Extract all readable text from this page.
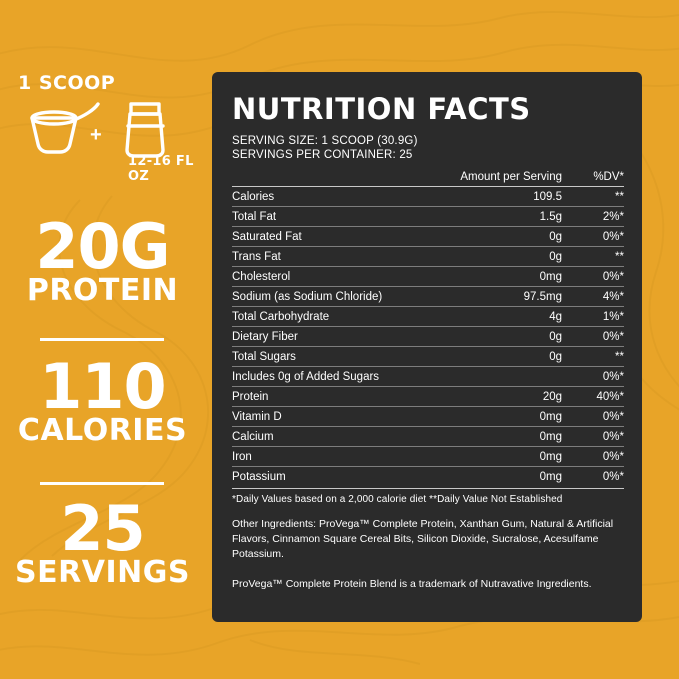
1 SCOOP
+
12-16 FL OZ
20G
PROTEIN
110
CALORIES
25
SERVINGS
NUTRITION FACTS
SERVING SIZE: 1 SCOOP (30.9G)
SERVINGS PER CONTAINER: 25
Amount per Serving	%DV*
Calories	109.5	**
Total Fat	1.5g	2%*
Saturated Fat	0g	0%*
Trans Fat	0g	**
Cholesterol	0mg	0%*
Sodium (as Sodium Chloride)	97.5mg	4%*
Total Carbohydrate	4g	1%*
Dietary Fiber	0g	0%*
Total Sugars	0g	**
Includes 0g of Added Sugars		0%*
Protein	20g	40%*
Vitamin D	0mg	0%*
Calcium	0mg	0%*
Iron	0mg	0%*
Potassium	0mg	0%*
*Daily Values based on a 2,000 calorie diet **Daily Value Not Established
Other Ingredients: ProVega™ Complete Protein, Xanthan Gum, Natural & Artificial Flavors, Cinnamon Square Cereal Bits, Silicon Dioxide, Sucralose, Acesulfame Potassium.
ProVega™ Complete Protein Blend is a trademark of Nutravative Ingredients.
